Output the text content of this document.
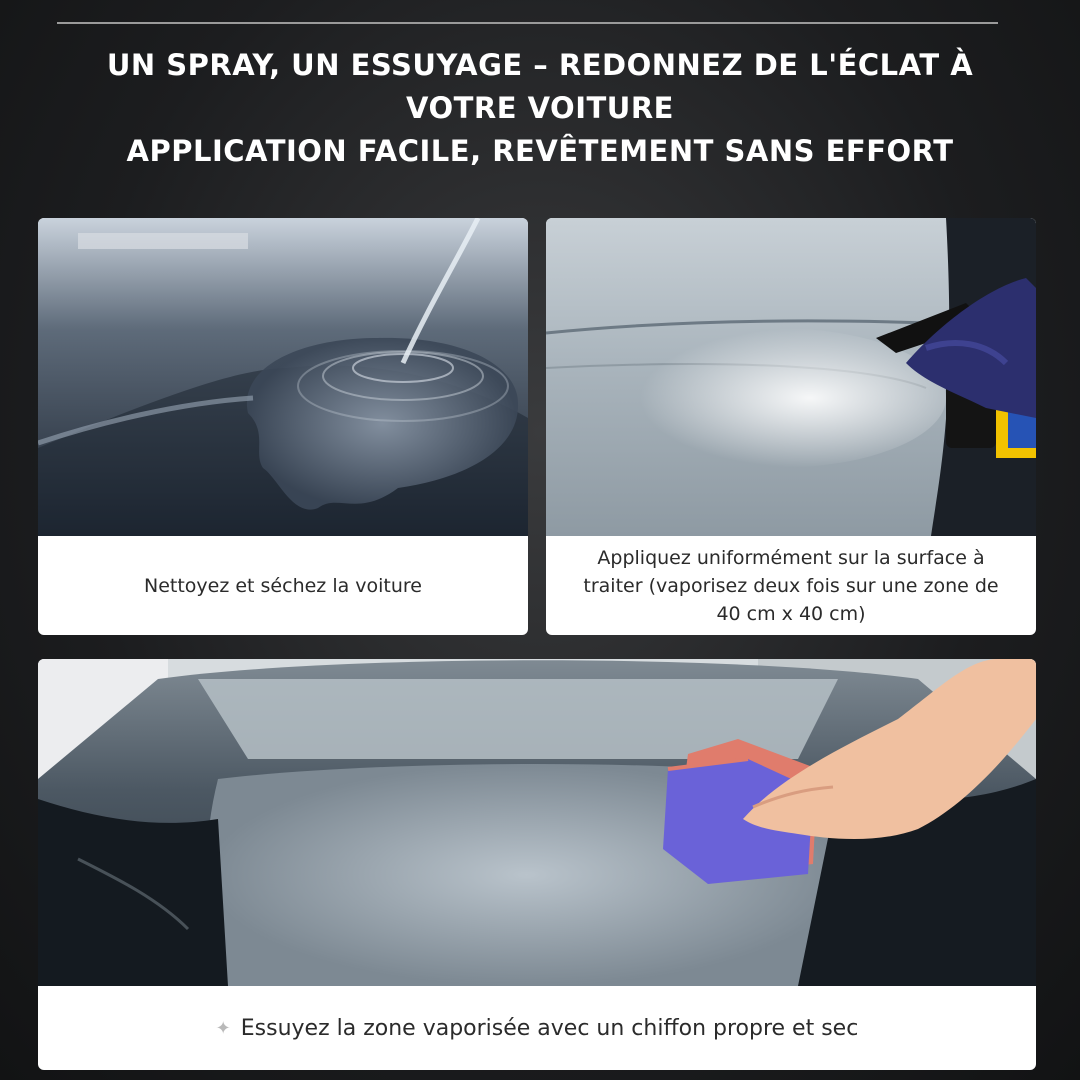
UN SPRAY, UN ESSUYAGE – REDONNEZ DE L'ÉCLAT À
VOTRE VOITURE
APPLICATION FACILE, REVÊTEMENT SANS EFFORT
Nettoyez et séchez la voiture
Appliquez uniformément sur la surface à traiter (vaporisez deux fois sur une zone de 40 cm x 40 cm)
✦ Essuyez la zone vaporisée avec un chiffon propre et sec
